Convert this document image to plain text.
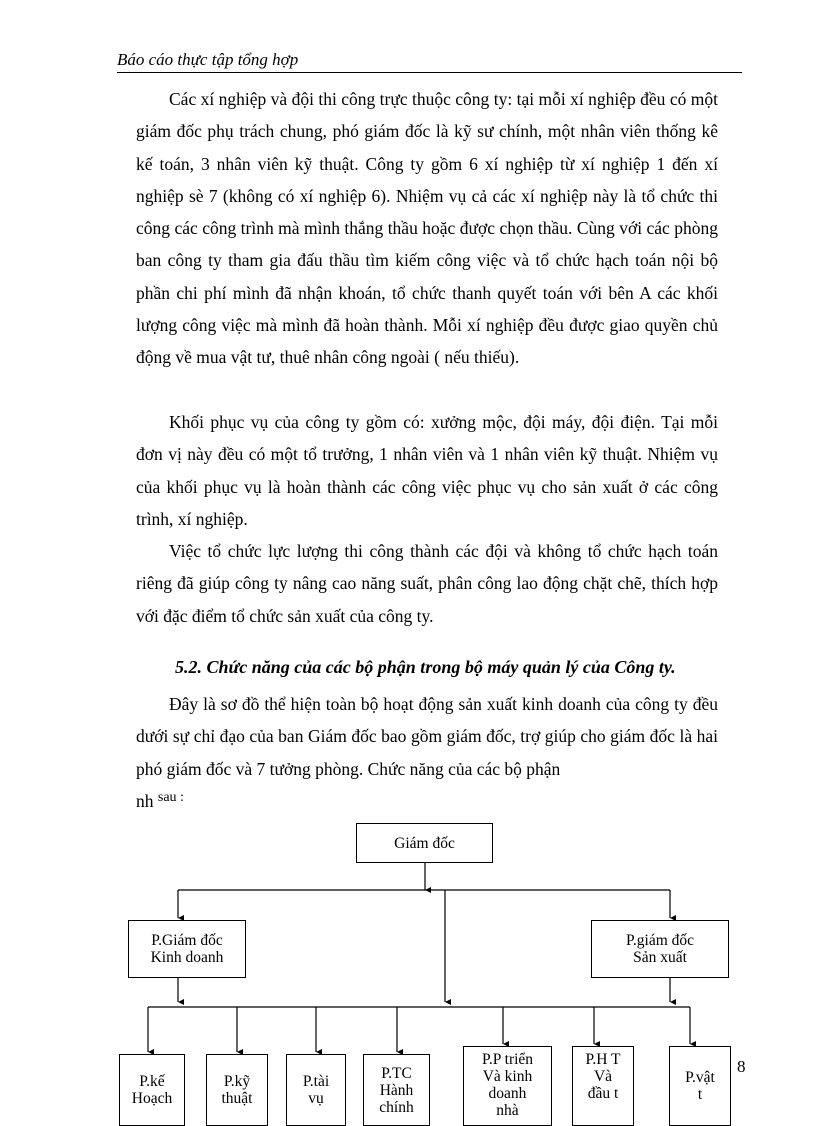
Báo cáo thực tập tổng hợp

Các xí nghiệp và đội thi công trực thuộc công ty: tại mỗi xí nghiệp đều có một giám đốc phụ trách chung, phó giám đốc là kỹ sư chính, một nhân viên thống kê kế toán, 3 nhân viên kỹ thuật. Công ty gồm 6 xí nghiệp từ xí nghiệp 1 đến xí nghiệp sè 7 (không có xí nghiệp 6). Nhiệm vụ cả các xí nghiệp này là tổ chức thi công các công trình mà mình thắng thầu hoặc được chọn thầu. Cùng với các phòng ban công ty tham gia đấu thầu tìm kiếm công việc và tổ chức hạch toán nội bộ phần chi phí mình đã nhận khoán, tổ chức thanh quyết toán với bên A các khối lượng công việc mà mình đã hoàn thành. Mỗi xí nghiệp đều được giao quyền chủ động về mua vật tư, thuê nhân công ngoài ( nếu thiếu).

Khối phục vụ của công ty gồm có: xưởng mộc, đội máy, đội điện. Tại mỗi đơn vị này đều có một tổ trưởng, 1 nhân viên và 1 nhân viên kỹ thuật. Nhiệm vụ của khối phục vụ là hoàn thành các công việc phục vụ cho sản xuất ở các công trình, xí nghiệp.

Việc tổ chức lực lượng thi công thành các đội và không tổ chức hạch toán riêng đã giúp công ty nâng cao năng suất, phân công lao động chặt chẽ, thích hợp với đặc điểm tổ chức sản xuất của công ty.

5.2. Chức năng của các bộ phận trong bộ máy quản lý của Công ty.

Đây là sơ đồ thể hiện toàn bộ hoạt động sản xuất kinh doanh của công ty đều dưới sự chỉ đạo của ban Giám đốc bao gồm giám đốc, trợ giúp cho giám đốc là hai phó giám đốc và 7 tưởng phòng. Chức năng của các bộ phận

nh $^{sau :}$
Giám đốc
P.Giám đốc
Kinh doanh
P.giám đốc
Sản xuất
P.kế
Hoạch
P.kỹ
thuật
P.tài
vụ
P.TC
Hành
chính
P.P triển
Và kinh
doanh
nhà
P.H T
Và
đầu t
P.vật
t
8
